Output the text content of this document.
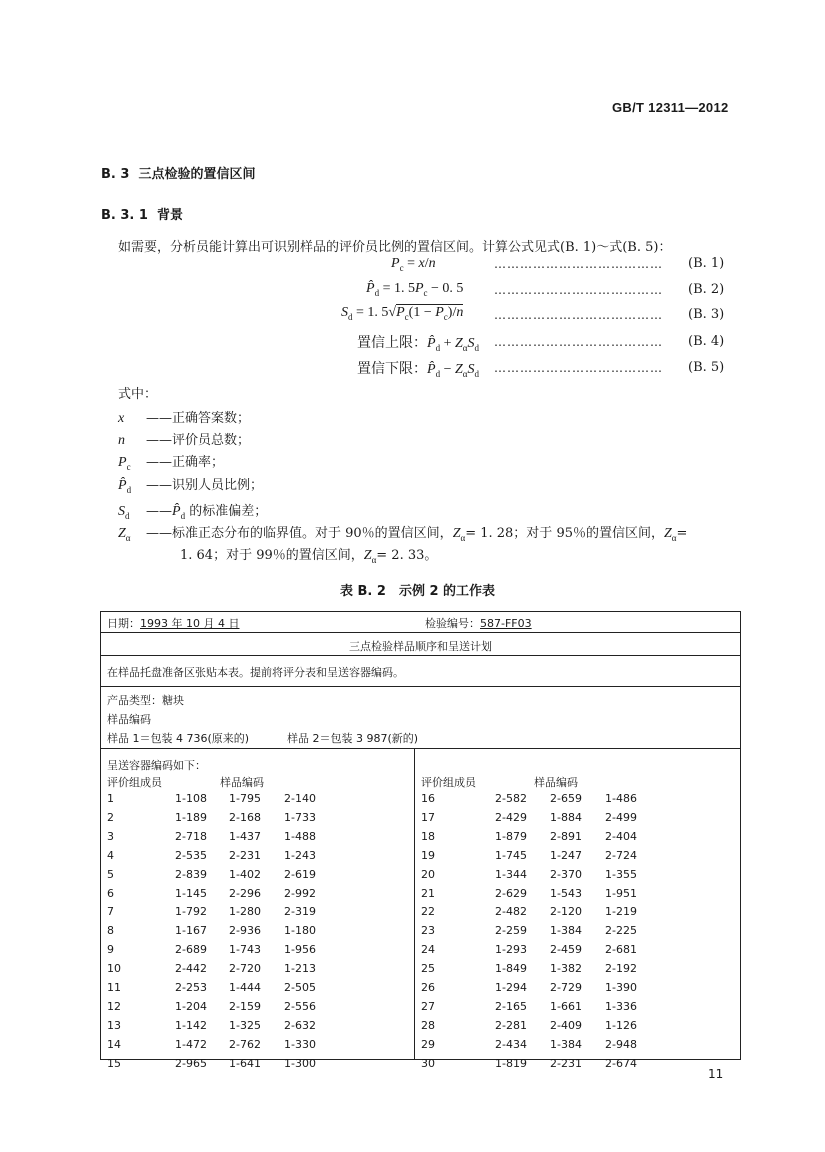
GB/T 12311—2012
B. 3 三点检验的置信区间
B. 3. 1 背景
如需要，分析员能计算出可识别样品的评价员比例的置信区间。计算公式见式(B. 1)～式(B. 5)：
$P_c = x/n$
$P̂_d = 1$. $5P_c - 0$. 5
$S_d = 1$. $5√P_c(1 - P_c)/n$
置信上限：$P̂_d + Z_\alpha S_d$
置信下限：$P̂_d - Z_\alpha S_d$
………………………………… (B. 1)
………………………………… (B. 2)
………………………………… (B. 3)
………………………………… (B. 4)
………………………………… (B. 5)
式中：
x ——正确答案数；
n ——评价员总数；
$P_c$ ——正确率；
$P̂_d$ ——识别人员比例；
$S_d$ $——P̂_d$ 的标准偏差；
$Z_\alpha$ ——标准正态分布的临界值。对于 90％的置信区间，$Z_\alpha= 1$. 28；对于 95％的置信区间，$Z_\alpha=$
1. 64；对于 99％的置信区间，$Z_\alpha= 2$. 33。
表 B. 2　示例 2 的工作表
日期：1993 年 10 月 4 日	检验编号：587-FF03
三点检验样品顺序和呈送计划
在样品托盘准备区张贴本表。提前将评分表和呈送容器编码。
产品类型：糖块
样品编码
样品 1＝包装 4 736(原来的)	样品 2＝包装 3 987(新的)
呈送容器编码如下：
评价组成员	样品编码	评价组成员	样品编码
1	1-108 1-795 2-140
2	1-189 2-168 1-733
3	2-718 1-437 1-488
4	2-535 2-231 1-243
5	2-839 1-402 2-619
6	1-145 2-296 2-992
7	1-792 1-280 2-319
8	1-167 2-936 1-180
9	2-689 1-743 1-956
10	2-442 2-720 1-213
11	2-253 1-444 2-505
12	1-204 2-159 2-556
13	1-142 1-325 2-632
14	1-472 2-762 1-330
15	2-965 1-641 1-300
16	2-582 2-659 1-486
17	2-429 1-884 2-499
18	1-879 2-891 2-404
19	1-745 1-247 2-724
20	1-344 2-370 1-355
21	2-629 1-543 1-951
22	2-482 2-120 1-219
23	2-259 1-384 2-225
24	1-293 2-459 2-681
25	1-849 1-382 2-192
26	1-294 2-729 1-390
27	2-165 1-661 1-336
28	2-281 2-409 1-126
29	2-434 1-384 2-948
30	1-819 2-231 2-674
11
